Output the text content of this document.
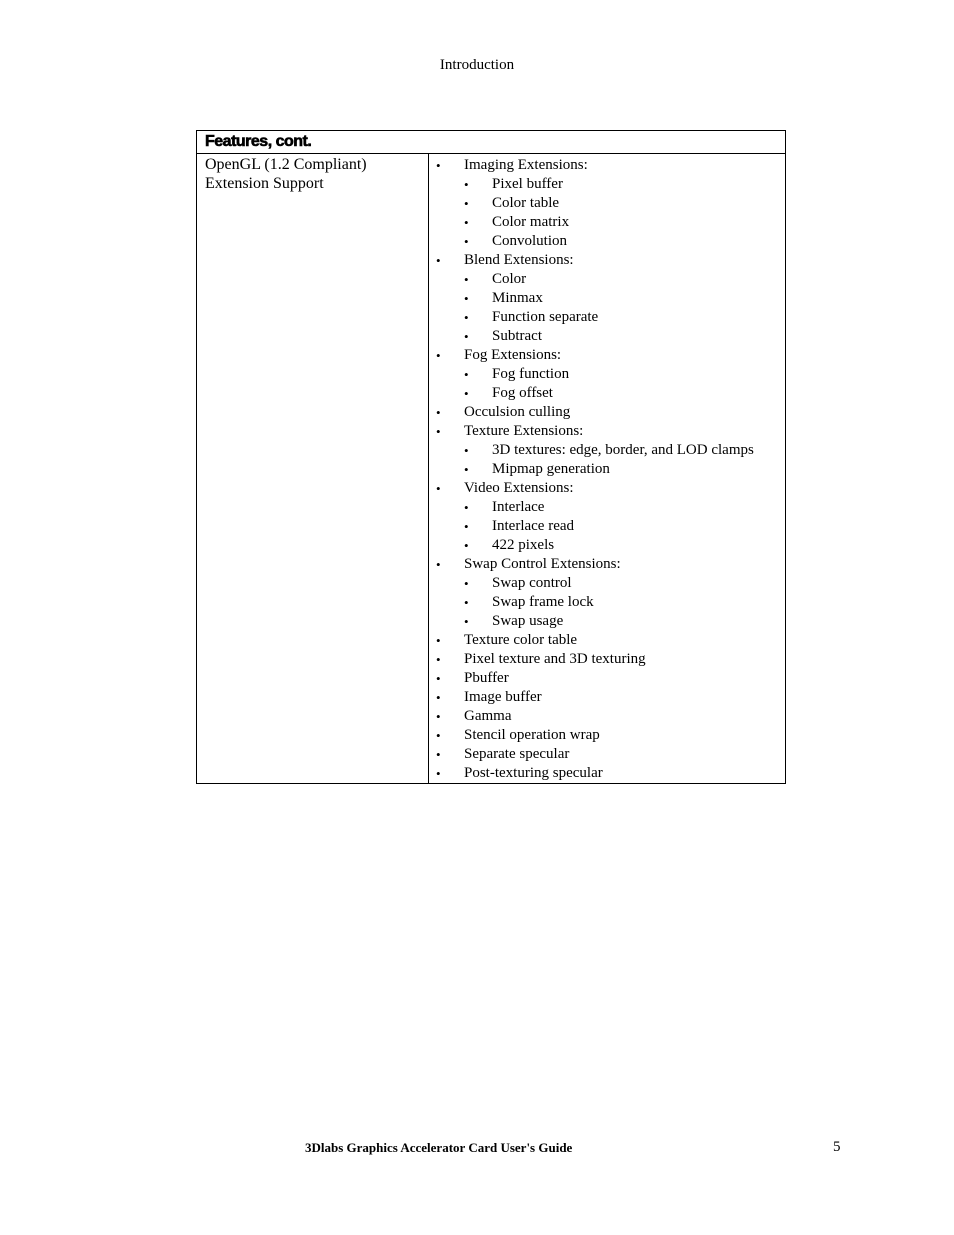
Introduction
Features, cont.
OpenGL (1.2 Compliant)
Extension Support
• Imaging Extensions:
• Pixel buffer
• Color table
• Color matrix
• Convolution
• Blend Extensions:
• Color
• Minmax
• Function separate
• Subtract
• Fog Extensions:
• Fog function
• Fog offset
• Occulsion culling
• Texture Extensions:
• 3D textures: edge, border, and LOD clamps
• Mipmap generation
• Video Extensions:
• Interlace
• Interlace read
• 422 pixels
• Swap Control Extensions:
• Swap control
• Swap frame lock
• Swap usage
• Texture color table
• Pixel texture and 3D texturing
• Pbuffer
• Image buffer
• Gamma
• Stencil operation wrap
• Separate specular
• Post-texturing specular
3Dlabs Graphics Accelerator Card User's Guide	5
